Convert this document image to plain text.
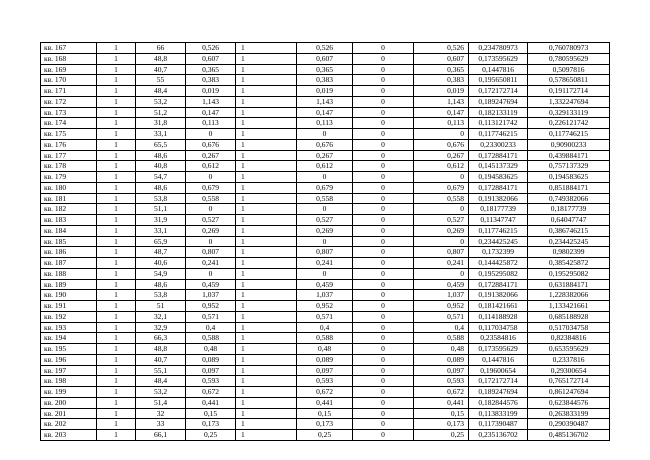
кв. 167	1	66	0,526	1	0,526	0	0,526	0,234780973	0,760780973
кв. 168	1	48,8	0,607	1	0,607	0	0,607	0,173595629	0,780595629
кв. 169	1	40,7	0,365	1	0,365	0	0,365	0,1447816	0,5097816
кв. 170	1	55	0,383	1	0,383	0	0,383	0,195650811	0,578650811
кв. 171	1	48,4	0,019	1	0,019	0	0,019	0,172172714	0,191172714
кв. 172	1	53,2	1,143	1	1,143	0	1,143	0,189247694	1,332247694
кв. 173	1	51,2	0,147	1	0,147	0	0,147	0,182133119	0,329133119
кв. 174	1	31,8	0,113	1	0,113	0	0,113	0,113121742	0,226121742
кв. 175	1	33,1	0	1	0	0	0	0,117746215	0,117746215
кв. 176	1	65,5	0,676	1	0,676	0	0,676	0,23300233	0,90900233
кв. 177	1	48,6	0,267	1	0,267	0	0,267	0,172884171	0,439884171
кв. 178	1	40,8	0,612	1	0,612	0	0,612	0,145137329	0,757137329
кв. 179	1	54,7	0	1	0	0	0	0,194583625	0,194583625
кв. 180	1	48,6	0,679	1	0,679	0	0,679	0,172884171	0,851884171
кв. 181	1	53,8	0,558	1	0,558	0	0,558	0,191382066	0,749382066
кв. 182	1	51,1	0	1	0	0	0	0,18177739	0,18177739
кв. 183	1	31,9	0,527	1	0,527	0	0,527	0,11347747	0,64047747
кв. 184	1	33,1	0,269	1	0,269	0	0,269	0,117746215	0,386746215
кв. 185	1	65,9	0	1	0	0	0	0,234425245	0,234425245
кв. 186	1	48,7	0,807	1	0,807	0	0,807	0,1732399	0,9802399
кв. 187	1	40,6	0,241	1	0,241	0	0,241	0,144425872	0,385425872
кв. 188	1	54,9	0	1	0	0	0	0,195295082	0,195295082
кв. 189	1	48,6	0,459	1	0,459	0	0,459	0,172884171	0,631884171
кв. 190	1	53,8	1,037	1	1,037	0	1,037	0,191382066	1,228382066
кв. 191	1	51	0,952	1	0,952	0	0,952	0,181421661	1,133421661
кв. 192	1	32,1	0,571	1	0,571	0	0,571	0,114188928	0,685188928
кв. 193	1	32,9	0,4	1	0,4	0	0,4	0,117034758	0,517034758
кв. 194	1	66,3	0,588	1	0,588	0	0,588	0,23584816	0,82384816
кв. 195	1	48,8	0,48	1	0,48	0	0,48	0,173595629	0,653595629
кв. 196	1	40,7	0,089	1	0,089	0	0,089	0,1447816	0,2337816
кв. 197	1	55,1	0,097	1	0,097	0	0,097	0,19600654	0,29300654
кв. 198	1	48,4	0,593	1	0,593	0	0,593	0,172172714	0,765172714
кв. 199	1	53,2	0,672	1	0,672	0	0,672	0,189247694	0,861247694
кв. 200	1	51,4	0,441	1	0,441	0	0,441	0,182844576	0,623844576
кв. 201	1	32	0,15	1	0,15	0	0,15	0,113833199	0,263833199
кв. 202	1	33	0,173	1	0,173	0	0,173	0,117390487	0,290390487
кв. 203	1	66,1	0,25	1	0,25	0	0,25	0,235136702	0,485136702
